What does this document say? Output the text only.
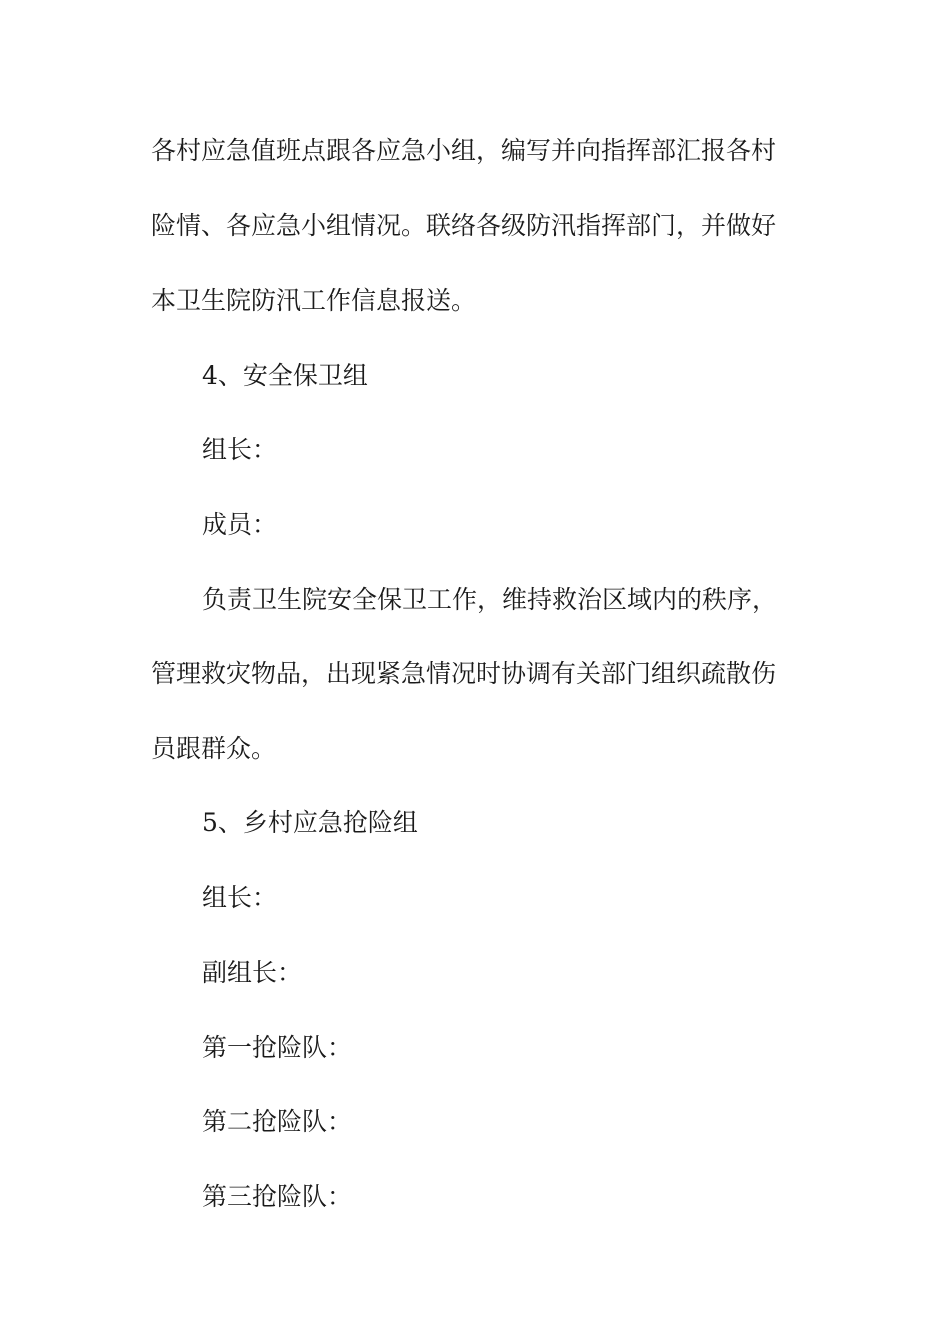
各村应急值班点跟各应急小组，编写并向指挥部汇报各村

险情、各应急小组情况。联络各级防汛指挥部门，并做好

本卫生院防汛工作信息报送。

4、安全保卫组

组长：

成员：

负责卫生院安全保卫工作，维持救治区域内的秩序，

管理救灾物品，出现紧急情况时协调有关部门组织疏散伤

员跟群众。

5、乡村应急抢险组

组长：

副组长：

第一抢险队：

第二抢险队：

第三抢险队：
